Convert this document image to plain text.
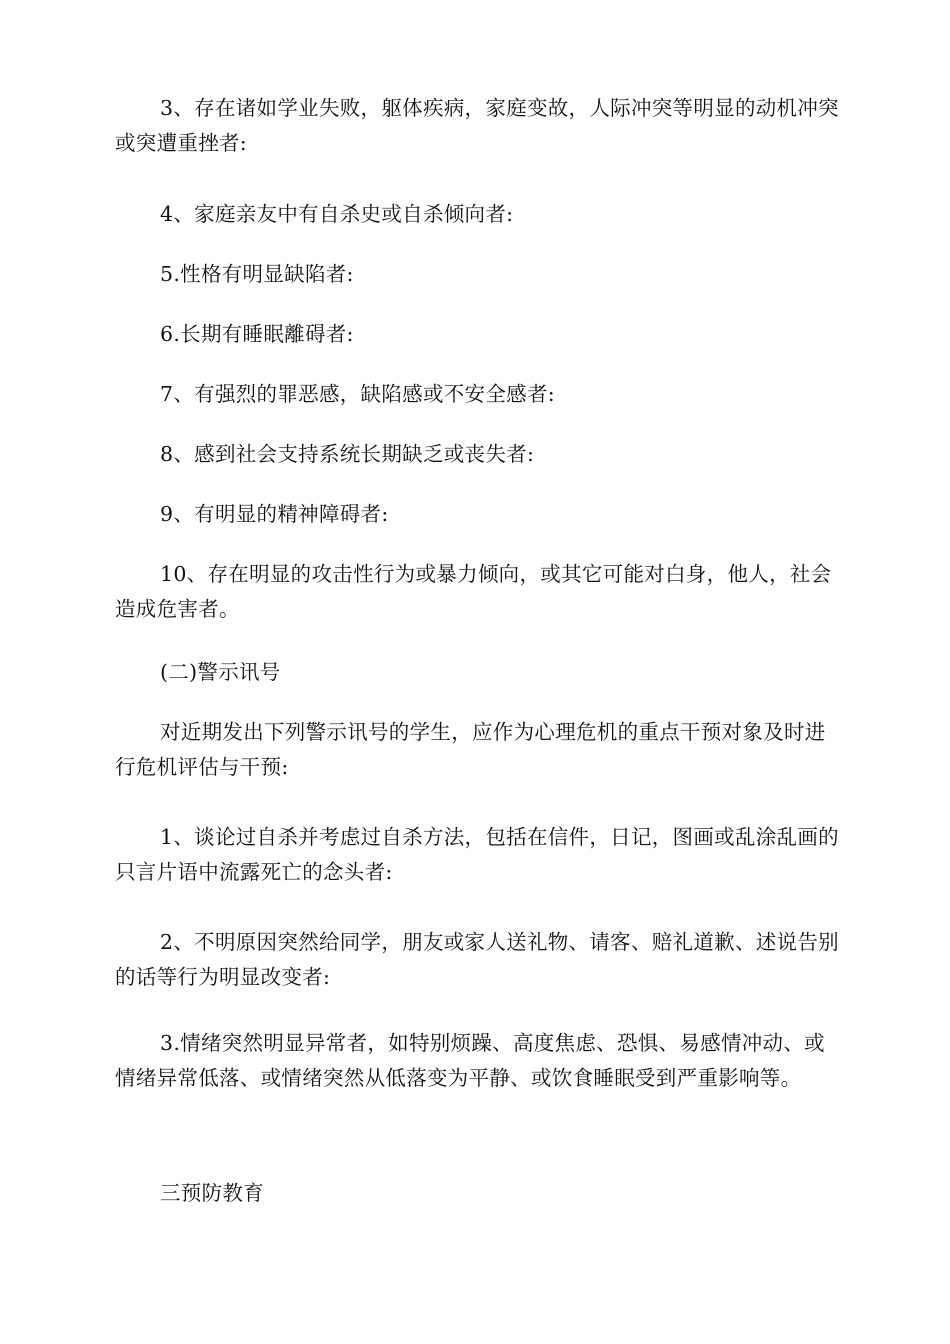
3、存在诸如学业失败，躯体疾病，家庭变故，人际冲突等明显的动机冲突或突遭重挫者:

4、家庭亲友中有自杀史或自杀倾向者:

5.性格有明显缺陷者:

6.长期有睡眠離碍者:

7、有强烈的罪恶感，缺陷感或不安全感者:

8、感到社会支持系统长期缺乏或丧失者:

9、有明显的精神障碍者:

10、存在明显的攻击性行为或暴力倾向，或其它可能对白身，他人，社会造成危害者。

(二)警示讯号

对近期发出下列警示讯号的学生，应作为心理危机的重点干预对象及时进行危机评估与干预:

1、谈论过自杀并考虑过自杀方法，包括在信件，日记，图画或乱涂乱画的只言片语中流露死亡的念头者:

2、不明原因突然给同学，朋友或家人送礼物、请客、赔礼道歉、述说告别的话等行为明显改变者:

3.情绪突然明显异常者，如特别烦躁、高度焦虑、恐惧、易感情冲动、或情绪异常低落、或情绪突然从低落变为平静、或饮食睡眠受到严重影响等。

三预防教育
